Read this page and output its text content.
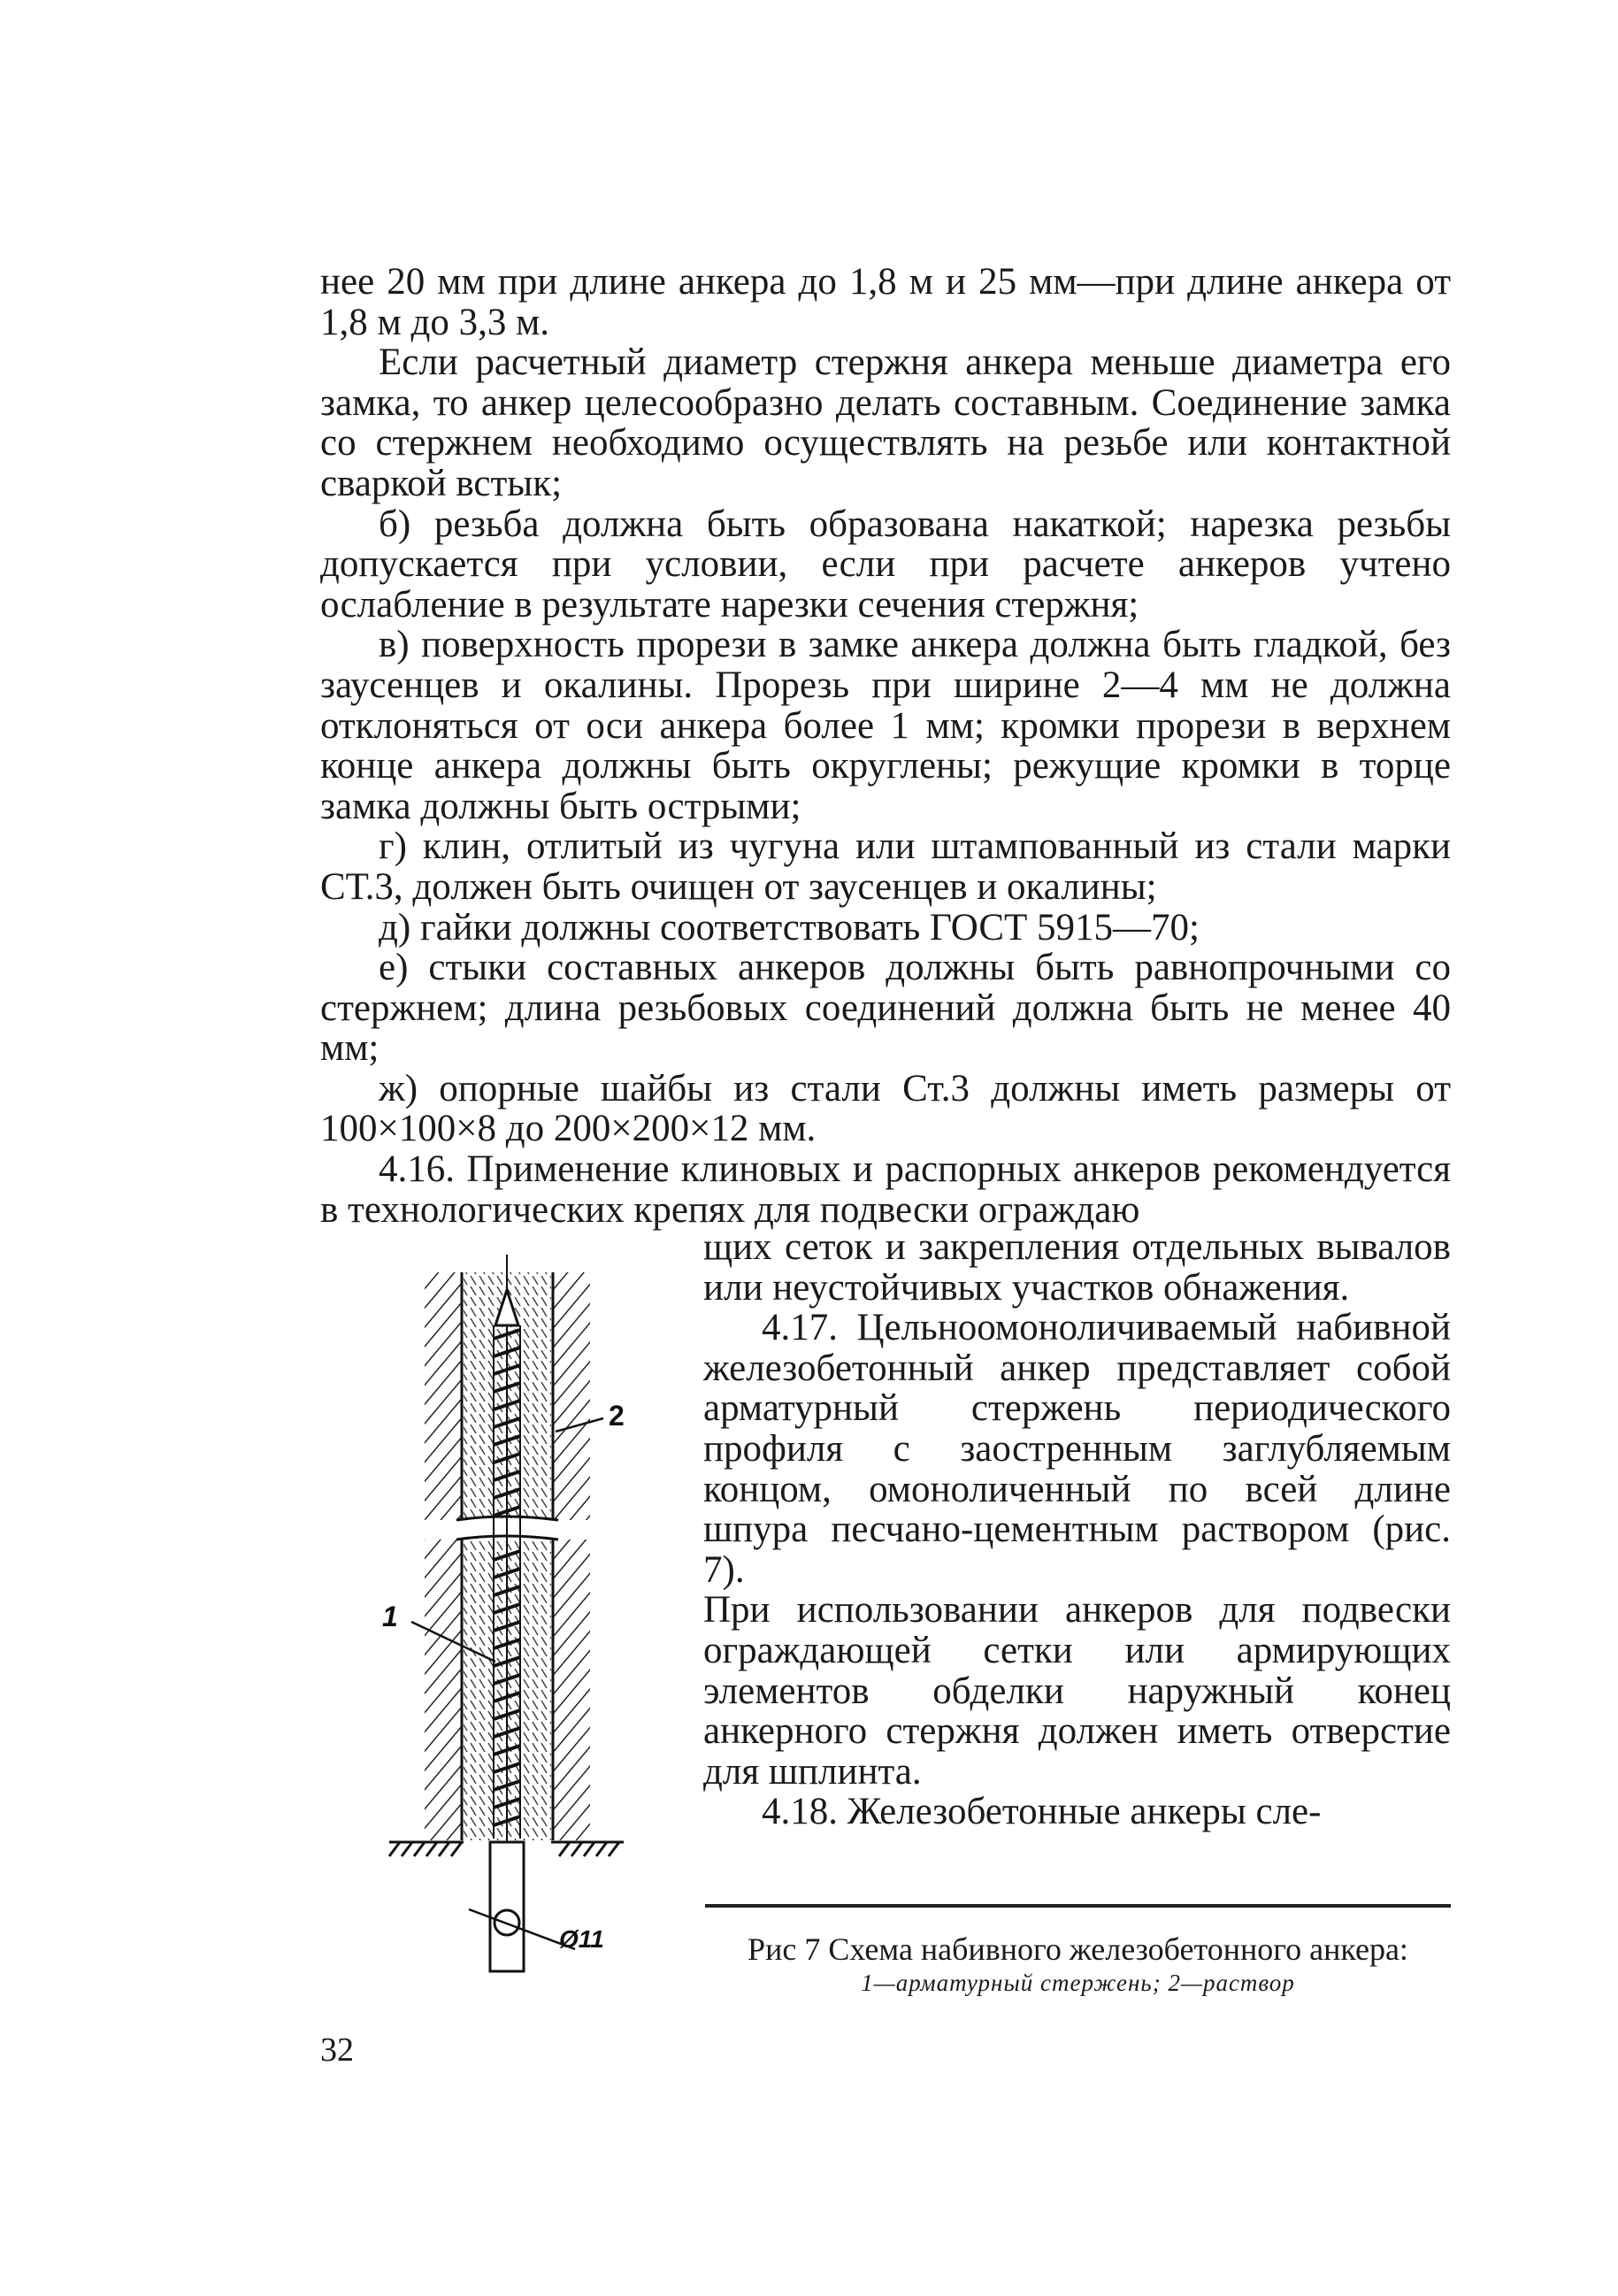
нее 20 мм при длине анкера до 1,8 м и 25 мм—при длине анкера от 1,8 м до 3,3 м.

Если расчетный диаметр стержня анкера меньше диаметра его замка, то анкер целесообразно делать составным. Соединение замка со стержнем необходимо осуществлять на резьбе или контактной сваркой встык;

б) резьба должна быть образована накаткой; нарезка резьбы допускается при условии, если при расчете анкеров учтено ослабление в результате нарезки сечения стержня;

в) поверхность прорези в замке анкера должна быть гладкой, без заусенцев и окалины. Прорезь при ширине 2—4 мм не должна отклоняться от оси анкера более 1 мм; кромки прорези в верхнем конце анкера должны быть округлены; режущие кромки в торце замка должны быть острыми;

г) клин, отлитый из чугуна или штампованный из стали марки СТ.3, должен быть очищен от заусенцев и окалины;

д) гайки должны соответствовать ГОСТ 5915—70;

е) стыки составных анкеров должны быть равнопрочными со стержнем; длина резьбовых соединений должна быть не менее 40 мм;

ж) опорные шайбы из стали Ст.3 должны иметь размеры от 100×100×8 до 200×200×12 мм.

4.16. Применение клиновых и распорных анкеров рекомендуется в технологических крепях для подвески ограждаю

щих сеток и закрепления отдельных вывалов или неустойчивых участков обнажения.

4.17. Цельноомоноличиваемый набивной железобетонный анкер представляет собой арматурный стержень периодического профиля с заостренным заглубляемым концом, омоноличенный по всей длине шпура песчано-цементным раствором (рис. 7).

При использовании анкеров для подвески ограждающей сетки или армирующих элементов обделки наружный конец анкерного стержня должен иметь отверстие для шплинта.

4.18. Железобетонные анкеры сле-

2
1
Ø11	Рис 7 Схема набивного железобетонного анкера:
1—арматурный стержень; 2—раствор
32
